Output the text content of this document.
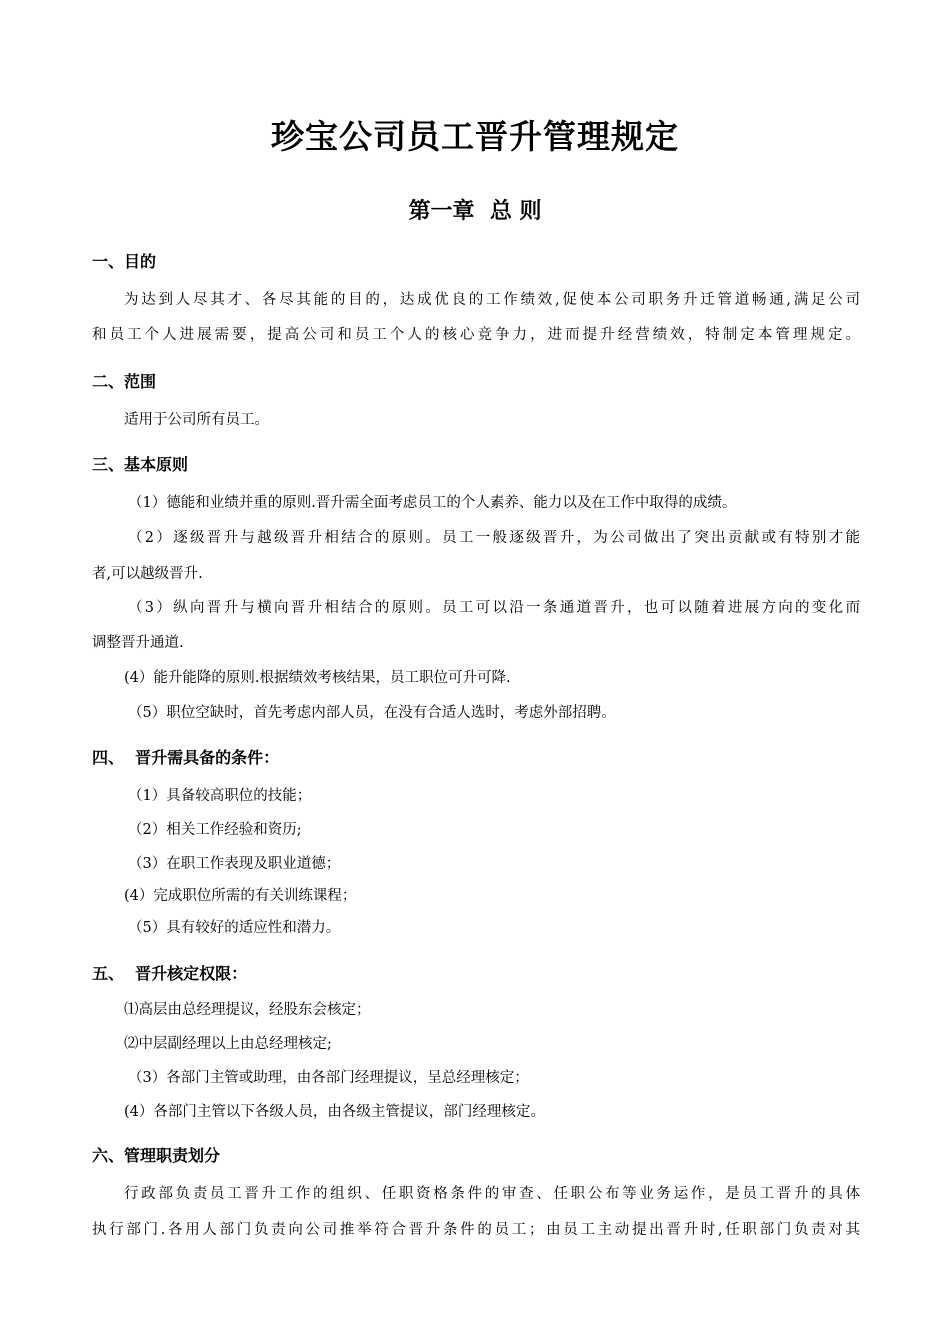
珍宝公司员工晋升管理规定
第一章  总 则
一、目的
为达到人尽其才、各尽其能的目的，达成优良的工作绩效,促使本公司职务升迁管道畅通,满足公司
和员工个人进展需要，提高公司和员工个人的核心竞争力，进而提升经营绩效，特制定本管理规定。
二、范围
适用于公司所有员工。
三、基本原则
（1）德能和业绩并重的原则.晋升需全面考虑员工的个人素养、能力以及在工作中取得的成绩。
（2）逐级晋升与越级晋升相结合的原则。员工一般逐级晋升，为公司做出了突出贡献或有特别才能
者,可以越级晋升.
（3）纵向晋升与横向晋升相结合的原则。员工可以沿一条通道晋升，也可以随着进展方向的变化而
调整晋升通道.
(4）能升能降的原则.根据绩效考核结果，员工职位可升可降.
（5）职位空缺时，首先考虑内部人员，在没有合适人选时，考虑外部招聘。
四、  晋升需具备的条件：
（1）具备较高职位的技能；
（2）相关工作经验和资历;
（3）在职工作表现及职业道德；
(4）完成职位所需的有关训练课程；
（5）具有较好的适应性和潜力。
五、  晋升核定权限：
⑴高层由总经理提议，经股东会核定；
⑵中层副经理以上由总经理核定;
（3）各部门主管或助理，由各部门经理提议，呈总经理核定；
(4）各部门主管以下各级人员，由各级主管提议，部门经理核定。
六、管理职责划分
行政部负责员工晋升工作的组织、任职资格条件的审查、任职公布等业务运作，是员工晋升的具体
执行部门.各用人部门负责向公司推举符合晋升条件的员工；由员工主动提出晋升时,任职部门负责对其
